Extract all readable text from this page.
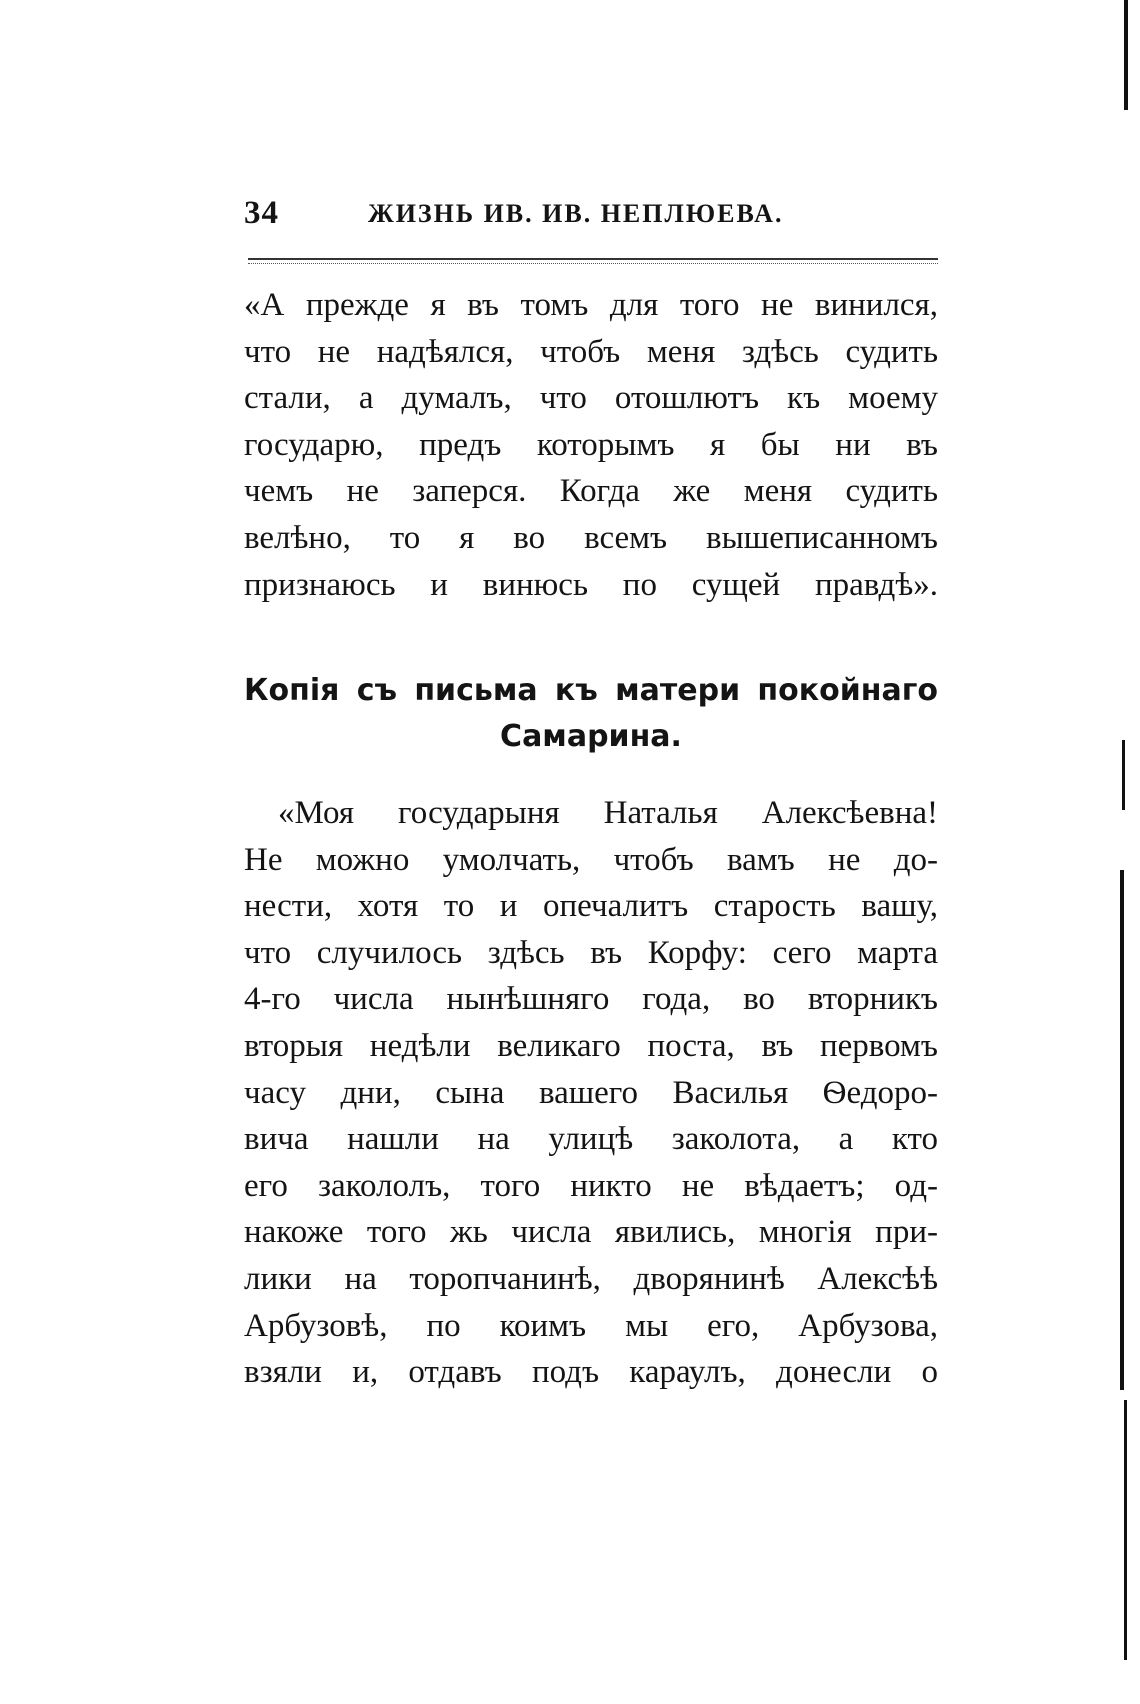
34	ЖИЗНЬ ИВ. ИВ. НЕПЛЮЕВА.
«А прежде я въ томъ для того не винился,
что не надѣялся, чтобъ меня здѣсь судить
стали, а думалъ, что отошлютъ къ моему
государю, предъ которымъ я бы ни въ
чемъ не заперся. Когда же меня судить
велѣно, то я во всемъ вышеписанномъ
признаюсь и винюсь по сущей правдѣ».
Копія съ письма къ матери покойнаго
Самарина.
«Моя государыня Наталья Алексѣевна!
Не можно умолчать, чтобъ вамъ не до-
нести, хотя то и опечалитъ старость вашу,
что случилось здѣсь въ Корфу: сего марта
4-го числа нынѣшняго года, во вторникъ
вторыя недѣли великаго поста, въ первомъ
часу дни, сына вашего Василья Ѳедоро-
вича нашли на улицѣ заколота, а кто
его закололъ, того никто не вѣдаетъ; од-
накоже того жь числа явились, многія при-
лики на торопчанинѣ, дворянинѣ Алексѣѣ
Арбузовѣ, по коимъ мы его, Арбузова,
взяли и, отдавъ подъ караулъ, донесли о
